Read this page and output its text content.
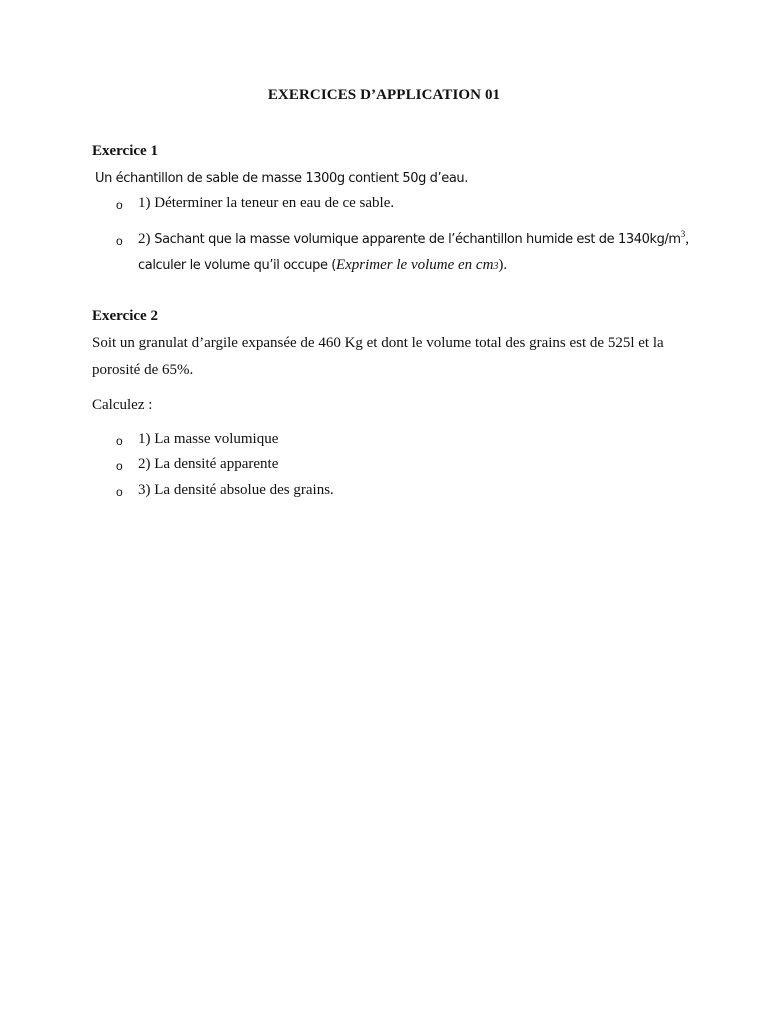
EXERCICES D’APPLICATION 01
Exercice 1
Un échantillon de sable de masse 1300g contient 50g d’eau.
o 1) Déterminer la teneur en eau de ce sable.
o 2) Sachant que la masse volumique apparente de l’échantillon humide est de $1340kg/m^3$,
calculer le volume qu’il occupe (Exprimer le volume en cm3).
Exercice 2
Soit un granulat d’argile expansée de 460 Kg et dont le volume total des grains est de 525l et la
porosité de 65%.
Calculez :
o 1) La masse volumique
o 2) La densité apparente
o 3) La densité absolue des grains.
